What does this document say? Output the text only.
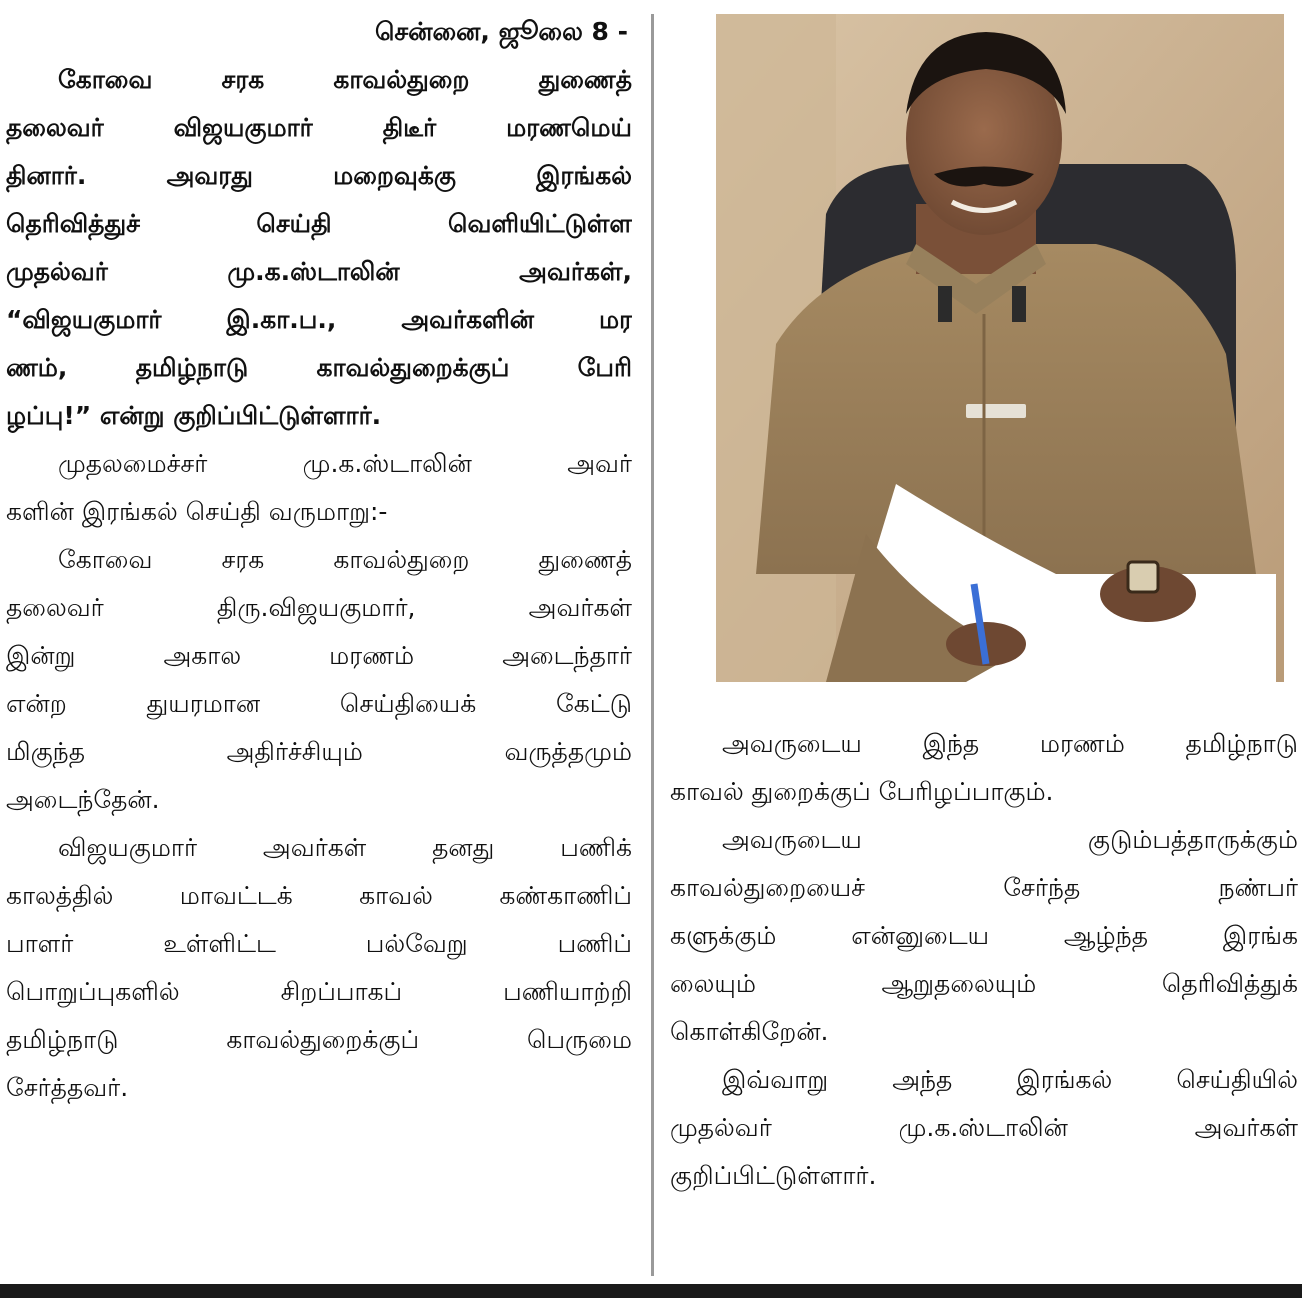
சென்னை, ஜூலை 8 -
கோவை சரக காவல்துறை துணைத்
தலைவர் விஜயகுமார் திடீர் மரணமெய்
தினார். அவரது மறைவுக்கு இரங்கல்
தெரிவித்துச் செய்தி வெளியிட்டுள்ள
முதல்வர் மு.க.ஸ்டாலின் அவர்கள்,
“விஜயகுமார் இ.கா.ப., அவர்களின் மர
ணம், தமிழ்நாடு காவல்துறைக்குப் பேரி
ழப்பு!” என்று குறிப்பிட்டுள்ளார்.
முதலமைச்சர் மு.க.ஸ்டாலின் அவர்
களின் இரங்கல் செய்தி வருமாறு:-
கோவை சரக காவல்துறை துணைத்
தலைவர் திரு.விஜயகுமார், அவர்கள்
இன்று அகால மரணம் அடைந்தார்
என்ற துயரமான செய்தியைக் கேட்டு
மிகுந்த அதிர்ச்சியும் வருத்தமும்
அடைந்தேன்.
விஜயகுமார் அவர்கள் தனது பணிக்
காலத்தில் மாவட்டக் காவல் கண்காணிப்
பாளர் உள்ளிட்ட பல்வேறு பணிப்
பொறுப்புகளில் சிறப்பாகப் பணியாற்றி
தமிழ்நாடு காவல்துறைக்குப் பெருமை
சேர்த்தவர்.
அவருடைய இந்த மரணம் தமிழ்நாடு
காவல் துறைக்குப் பேரிழப்பாகும்.
அவருடைய குடும்பத்தாருக்கும்
காவல்துறையைச் சேர்ந்த நண்பர்
களுக்கும் என்னுடைய ஆழ்ந்த இரங்க
லையும் ஆறுதலையும் தெரிவித்துக்
கொள்கிறேன்.
இவ்வாறு அந்த இரங்கல் செய்தியில்
முதல்வர் மு.க.ஸ்டாலின் அவர்கள்
குறிப்பிட்டுள்ளார்.
